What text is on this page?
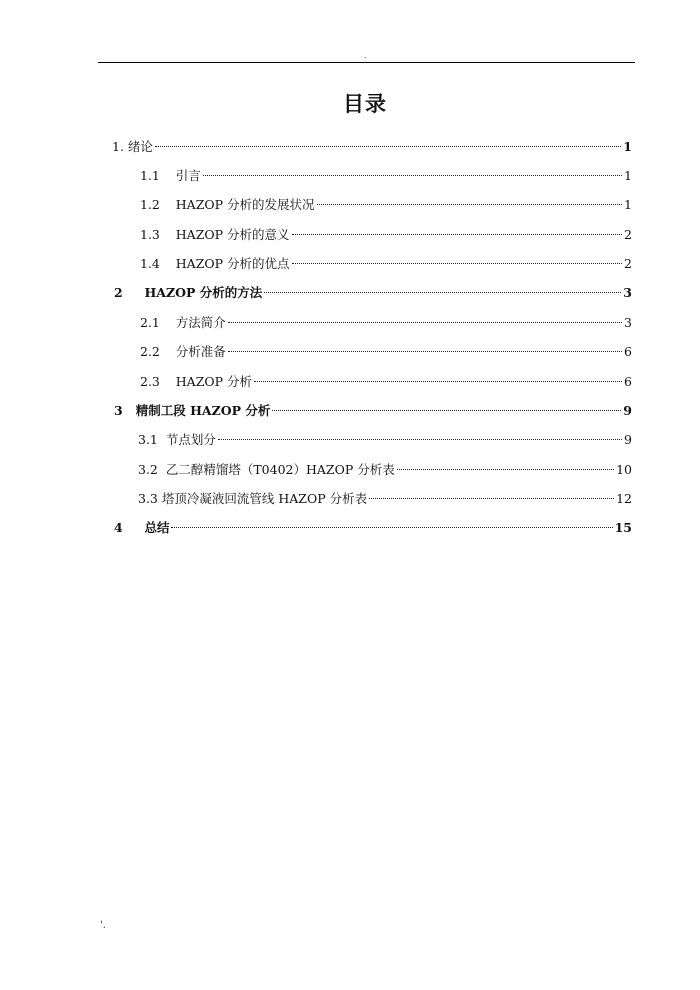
.
目录
1. 绪论	1
1.1 引言	1
1.2 HAZOP 分析的发展状况	1
1.3 HAZOP 分析的意义	2
1.4 HAZOP 分析的优点	2
2 HAZOP 分析的方法	3
2.1 方法简介	3
2.2 分析准备	6
2.3 HAZOP 分析	6
3 精制工段 HAZOP 分析	9
3.1 节点划分	9
3.2 乙二醇精馏塔（T0402）HAZOP 分析表	10
3.3 塔顶冷凝液回流管线 HAZOP 分析表	12
4 总结	15
'.
